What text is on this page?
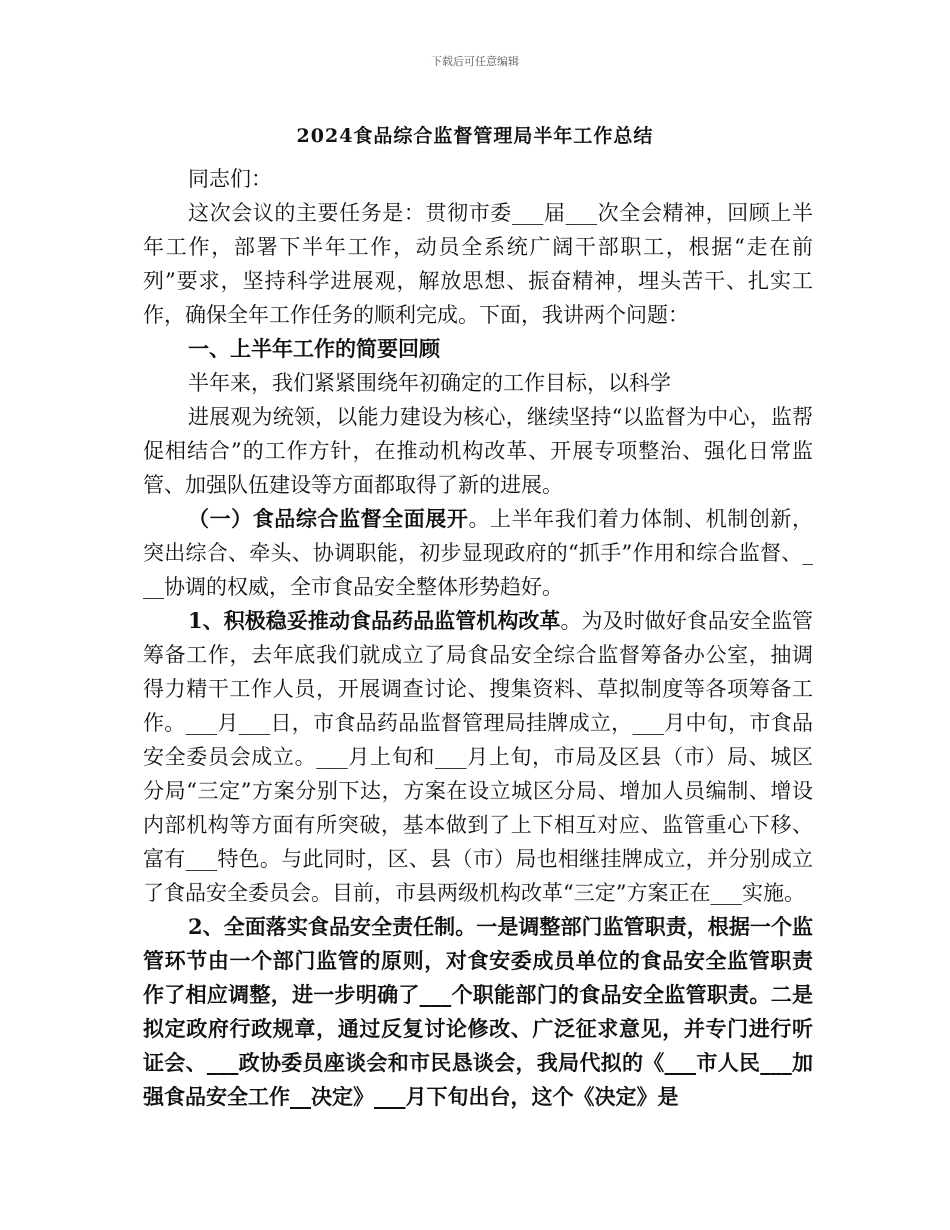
下载后可任意编辑
2024食品综合监督管理局半年工作总结

同志们：

这次会议的主要任务是：贯彻市委___届___次全会精神，回顾上半年工作，部署下半年工作，动员全系统广阔干部职工，根据“走在前列”要求，坚持科学进展观，解放思想、振奋精神，埋头苦干、扎实工作，确保全年工作任务的顺利完成。下面，我讲两个问题：

一、上半年工作的简要回顾

半年来，我们紧紧围绕年初确定的工作目标，以科学

进展观为统领，以能力建设为核心，继续坚持“以监督为中心，监帮促相结合”的工作方针，在推动机构改革、开展专项整治、强化日常监管、加强队伍建设等方面都取得了新的进展。

（一）食品综合监督全面展开。上半年我们着力体制、机制创新，突出综合、牵头、协调职能，初步显现政府的“抓手”作用和综合监督、___协调的权威，全市食品安全整体形势趋好。

1、积极稳妥推动食品药品监管机构改革。为及时做好食品安全监管筹备工作，去年底我们就成立了局食品安全综合监督筹备办公室，抽调得力精干工作人员，开展调查讨论、搜集资料、草拟制度等各项筹备工作。___月___日，市食品药品监督管理局挂牌成立，___月中旬，市食品安全委员会成立。___月上旬和___月上旬，市局及区县（市）局、城区分局“三定”方案分别下达，方案在设立城区分局、增加人员编制、增设内部机构等方面有所突破，基本做到了上下相互对应、监管重心下移、富有___特色。与此同时，区、县（市）局也相继挂牌成立，并分别成立了食品安全委员会。目前，市县两级机构改革“三定”方案正在___实施。

2、全面落实食品安全责任制。一是调整部门监管职责，根据一个监管环节由一个部门监管的原则，对食安委成员单位的食品安全监管职责作了相应调整，进一步明确了___个职能部门的食品安全监管职责。二是拟定政府行政规章，通过反复讨论修改、广泛征求意见，并专门进行听证会、___政协委员座谈会和市民恳谈会，我局代拟的《___市人民___加强食品安全工作__决定》___月下旬出台，这个《决定》是
